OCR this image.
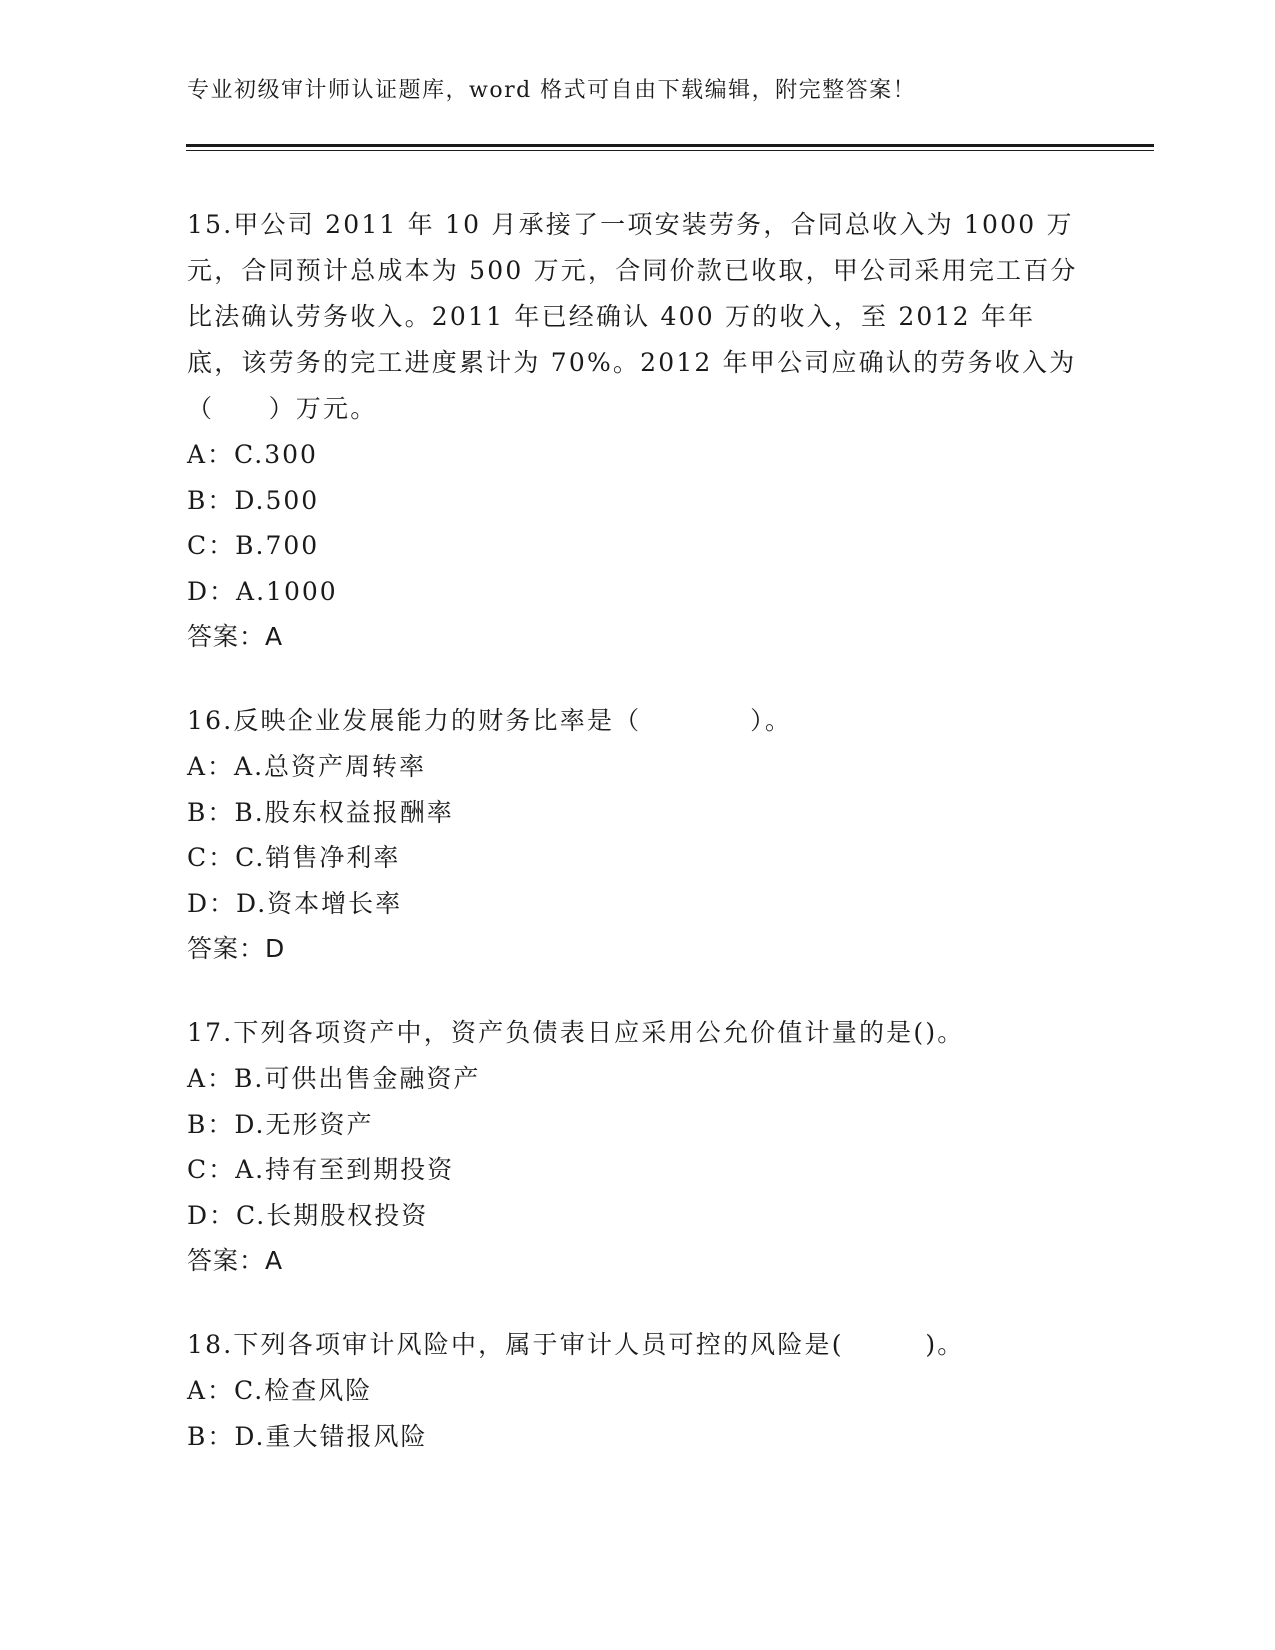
专业初级审计师认证题库，word 格式可自由下载编辑，附完整答案！

15.甲公司 2011 年 10 月承接了一项安装劳务，合同总收入为 1000 万元，合同预计总成本为 500 万元，合同价款已收取，甲公司采用完工百分比法确认劳务收入。2011 年已经确认 400 万的收入，至 2012 年年底，该劳务的完工进度累计为 70%。2012 年甲公司应确认的劳务收入为（　　）万元。

A：C.300

B：D.500

C：B.700

D：A.1000

答案：A

16.反映企业发展能力的财务比率是（　　　　）。

A：A.总资产周转率

B：B.股东权益报酬率

C：C.销售净利率

D：D.资本增长率

答案：D

17.下列各项资产中，资产负债表日应采用公允价值计量的是()。

A：B.可供出售金融资产

B：D.无形资产

C：A.持有至到期投资

D：C.长期股权投资

答案：A

18.下列各项审计风险中，属于审计人员可控的风险是(　　　)。

A：C.检查风险

B：D.重大错报风险
